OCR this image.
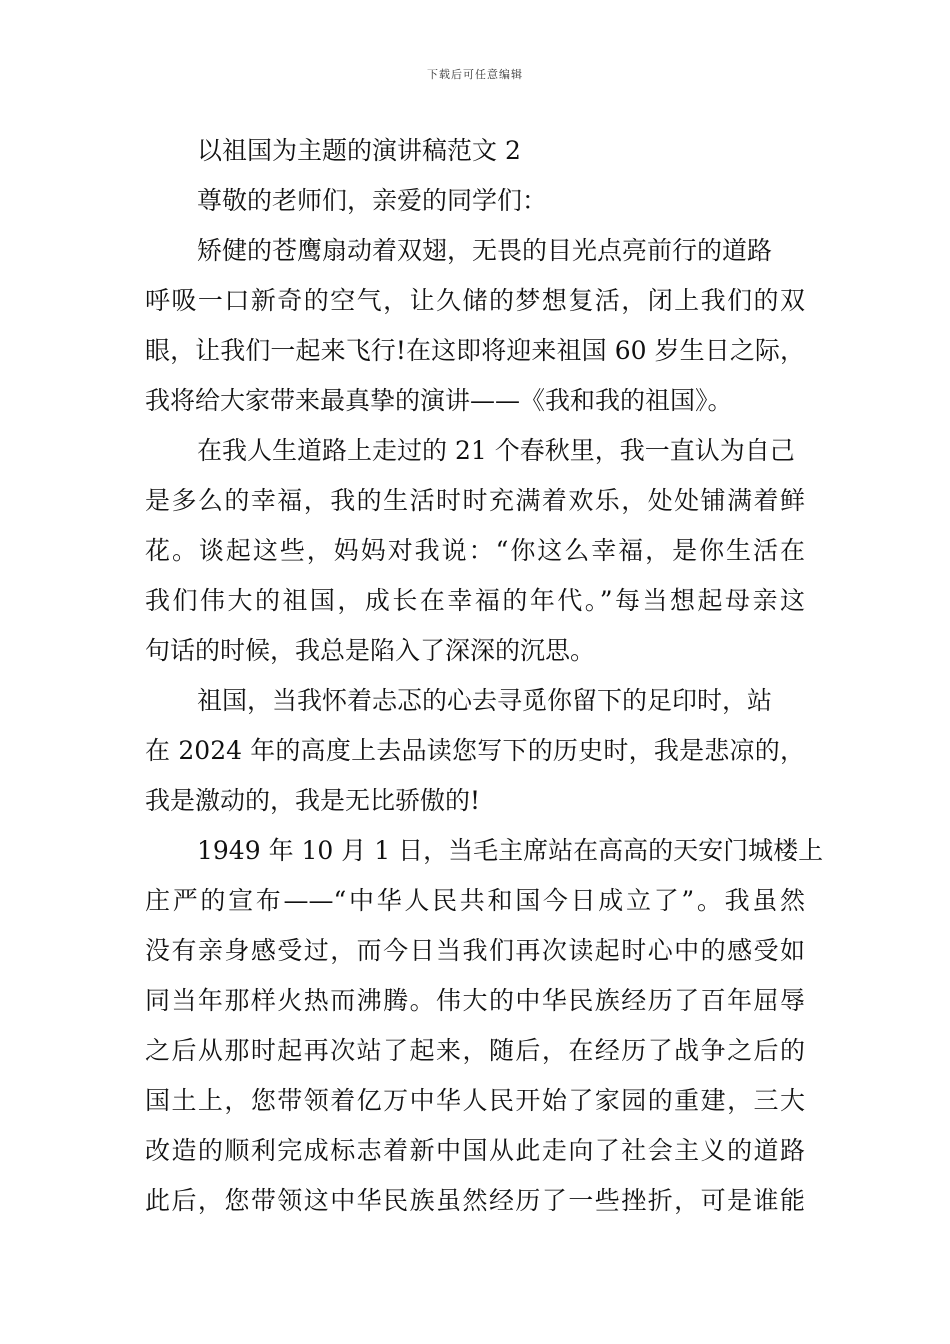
下载后可任意编辑
以祖国为主题的演讲稿范文 2
尊敬的老师们，亲爱的同学们：
矫健的苍鹰扇动着双翅，无畏的目光点亮前行的道路
呼吸一口新奇的空气，让久储的梦想复活，闭上我们的双
眼，让我们一起来飞行!在这即将迎来祖国 60 岁生日之际，
我将给大家带来最真挚的演讲——《我和我的祖国》。
在我人生道路上走过的 21 个春秋里，我一直认为自己
是多么的幸福，我的生活时时充满着欢乐，处处铺满着鲜
花。谈起这些，妈妈对我说：“你这么幸福，是你生活在
我们伟大的祖国，成长在幸福的年代。”每当想起母亲这
句话的时候，我总是陷入了深深的沉思。
祖国，当我怀着忐忑的心去寻觅你留下的足印时，站
在 2024 年的高度上去品读您写下的历史时，我是悲凉的，
我是激动的，我是无比骄傲的!
1949 年 10 月 1 日，当毛主席站在高高的天安门城楼上
庄严的宣布——“中华人民共和国今日成立了”。我虽然
没有亲身感受过，而今日当我们再次读起时心中的感受如
同当年那样火热而沸腾。伟大的中华民族经历了百年屈辱
之后从那时起再次站了起来，随后，在经历了战争之后的
国土上，您带领着亿万中华人民开始了家园的重建，三大
改造的顺利完成标志着新中国从此走向了社会主义的道路
此后，您带领这中华民族虽然经历了一些挫折，可是谁能
